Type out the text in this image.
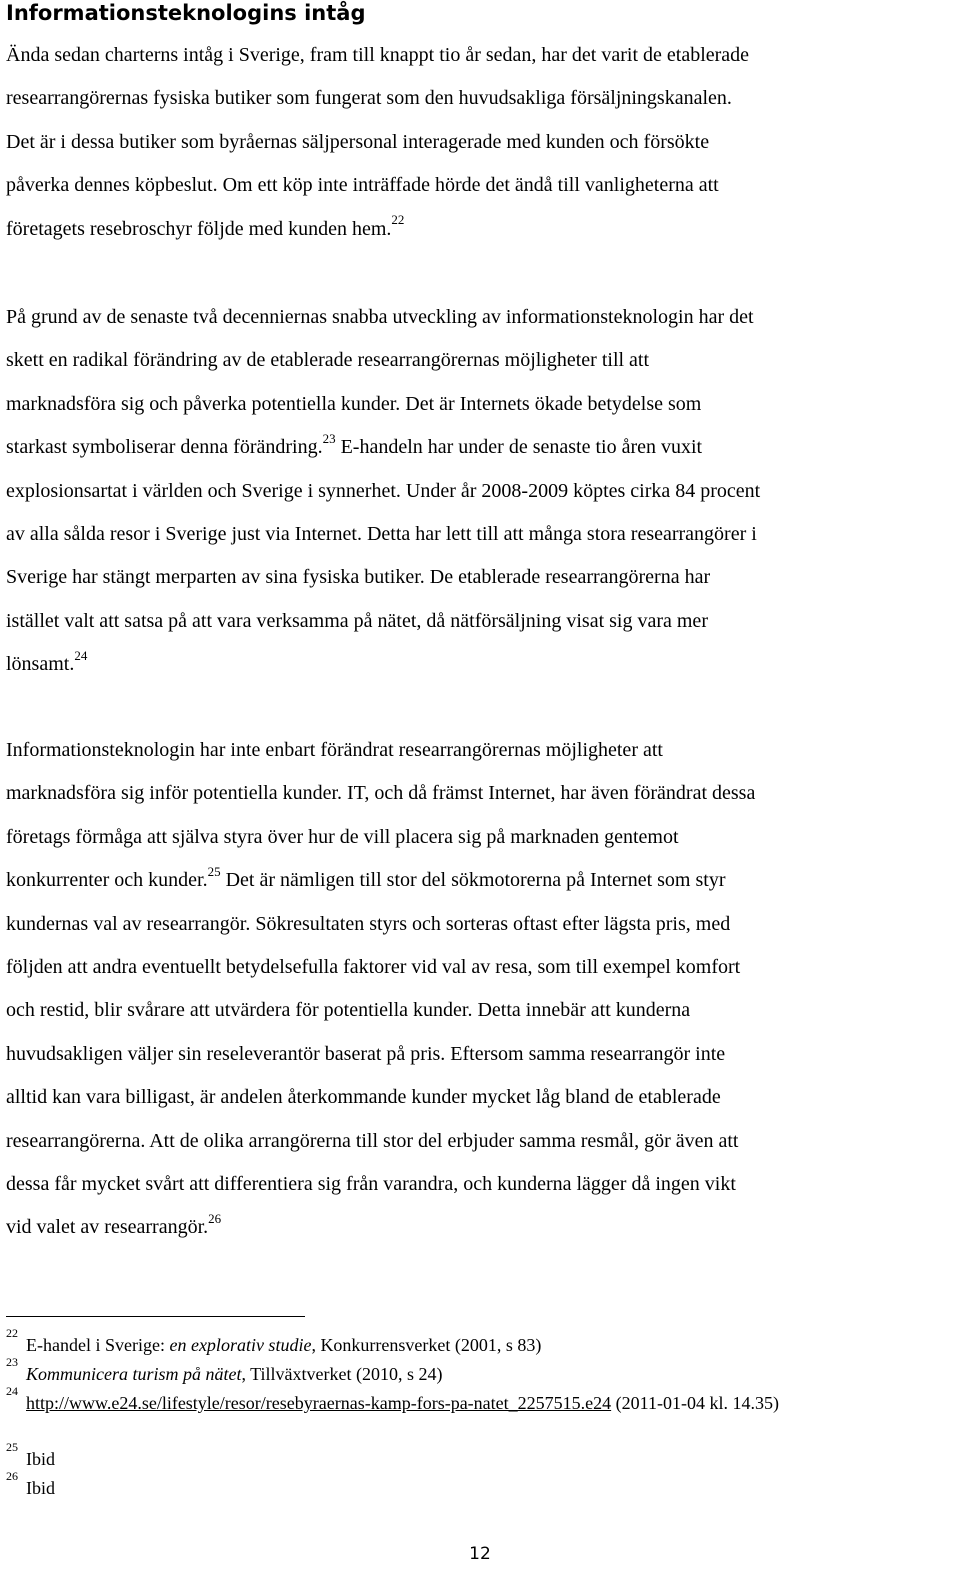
Informationsteknologins intåg

Ända sedan charterns intåg i Sverige, fram till knappt tio år sedan, har det varit de etablerade
researrangörernas fysiska butiker som fungerat som den huvudsakliga försäljningskanalen.
Det är i dessa butiker som byråernas säljpersonal interagerade med kunden och försökte
påverka dennes köpbeslut. Om ett köp inte inträffade hörde det ändå till vanligheterna att
företagets resebroschyr följde med kunden hem.$^{22}$

På grund av de senaste två decenniernas snabba utveckling av informationsteknologin har det
skett en radikal förändring av de etablerade researrangörernas möjligheter till att
marknadsföra sig och påverka potentiella kunder. Det är Internets ökade betydelse som
starkast symboliserar denna förändring.$^{23}$ E-handeln har under de senaste tio åren vuxit
explosionsartat i världen och Sverige i synnerhet. Under år 2008-2009 köptes cirka 84 procent
av alla sålda resor i Sverige just via Internet. Detta har lett till att många stora researrangörer i
Sverige har stängt merparten av sina fysiska butiker. De etablerade researrangörerna har
istället valt att satsa på att vara verksamma på nätet, då nätförsäljning visat sig vara mer
lönsamt.$^{24}$

Informationsteknologin har inte enbart förändrat researrangörernas möjligheter att
marknadsföra sig inför potentiella kunder. IT, och då främst Internet, har även förändrat dessa
företags förmåga att själva styra över hur de vill placera sig på marknaden gentemot
konkurrenter och kunder.$^{25}$ Det är nämligen till stor del sökmotorerna på Internet som styr
kundernas val av researrangör. Sökresultaten styrs och sorteras oftast efter lägsta pris, med
följden att andra eventuellt betydelsefulla faktorer vid val av resa, som till exempel komfort
och restid, blir svårare att utvärdera för potentiella kunder. Detta innebär att kunderna
huvudsakligen väljer sin reseleverantör baserat på pris. Eftersom samma researrangör inte
alltid kan vara billigast, är andelen återkommande kunder mycket låg bland de etablerade
researrangörerna. Att de olika arrangörerna till stor del erbjuder samma resmål, gör även att
dessa får mycket svårt att differentiera sig från varandra, och kunderna lägger då ingen vikt
vid valet av researrangör.$^{26}$

22
E-handel i Sverige: en explorativ studie, Konkurrensverket (2001, s 83)
23
Kommunicera turism på nätet, Tillväxtverket (2010, s 24)
24
http://www.e24.se/lifestyle/resor/resebyraernas-kamp-fors-pa-natet_2257515.e24 (2011-01-04 kl. 14.35)
25
Ibid
26
Ibid
12
